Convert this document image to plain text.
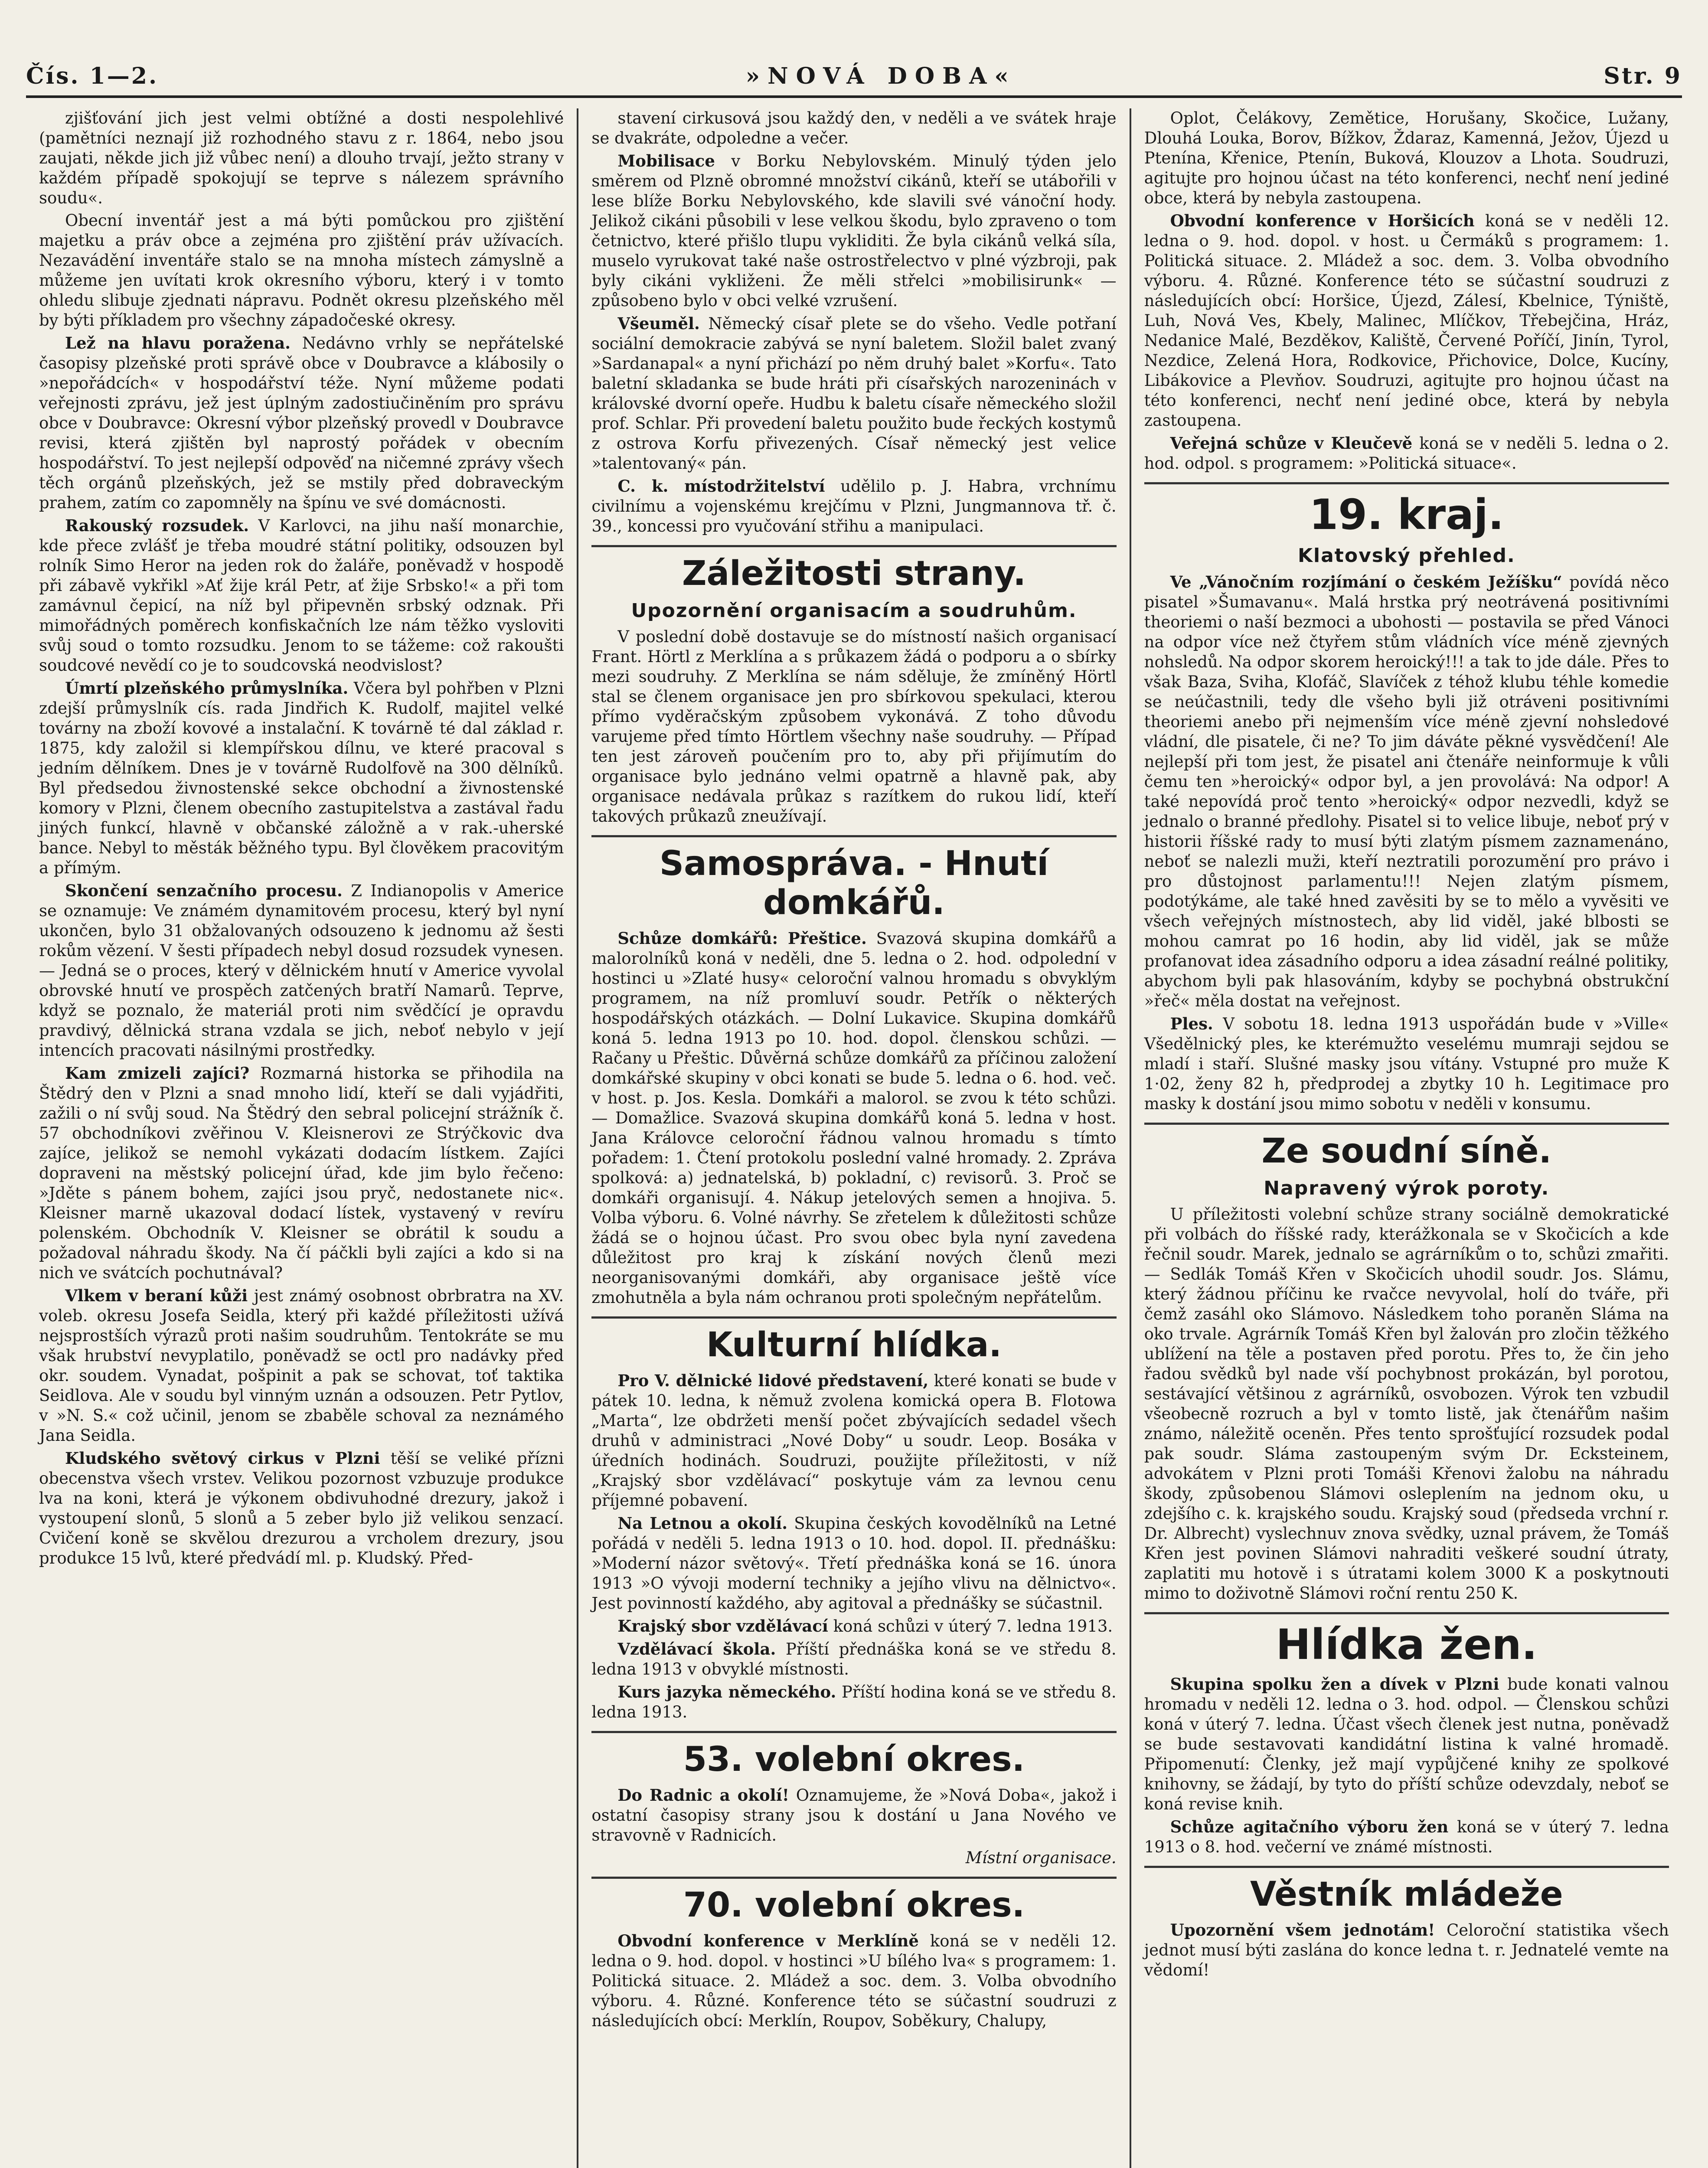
Čís. 1—2.	»NOVÁ DOBA«	Str. 9

zjišťování jich jest velmi obtížné a dosti nespolehlivé (pamětníci neznají již rozhodného stavu z r. 1864, nebo jsou zaujati, někde jich již vůbec není) a dlouho trvají, ježto strany v každém případě spokojují se teprve s nálezem správního soudu«.

Obecní inventář jest a má býti pomůckou pro zjištění majetku a práv obce a zejména pro zjištění práv užívacích. Nezavádění inventáře stalo se na mnoha místech zámyslně a můžeme jen uvítati krok okresního výboru, který i v tomto ohledu slibuje zjednati nápravu. Podnět okresu plzeňského měl by býti příkladem pro všechny západočeské okresy.

Lež na hlavu poražena. Nedávno vrhly se nepřátelské časopisy plzeňské proti správě obce v Doubravce a klábosily o »nepořádcích« v hospodářství téže. Nyní můžeme podati veřejnosti zprávu, jež jest úplným zadostiučiněním pro správu obce v Doubravce: Okresní výbor plzeňský provedl v Doubravce revisi, která zjištěn byl naprostý pořádek v obecním hospodářství. To jest nejlepší odpověď na ničemné zprávy všech těch orgánů plzeňských, jež se mstily před dobraveckým prahem, zatím co zapomněly na špínu ve své domácnosti.

Rakouský rozsudek. V Karlovci, na jihu naší monarchie, kde přece zvlášť je třeba moudré státní politiky, odsouzen byl rolník Simo Heror na jeden rok do žaláře, poněvadž v hospodě při zábavě vykřikl »Ať žije král Petr, ať žije Srbsko!« a při tom zamávnul čepicí, na níž byl připevněn srbský odznak. Při mimořádných poměrech konfiskačních lze nám těžko vysloviti svůj soud o tomto rozsudku. Jenom to se tážeme: což rakoušti soudcové nevědí co je to soudcovská neodvislost?

Úmrtí plzeňského průmyslníka. Včera byl pohřben v Plzni zdejší průmyslník cís. rada Jindřich K. Rudolf, majitel velké továrny na zboží kovové a instalační. K továrně té dal základ r. 1875, kdy založil si klempířskou dílnu, ve které pracoval s jedním dělníkem. Dnes je v továrně Rudolfově na 300 dělníků. Byl předsedou živnostenské sekce obchodní a živnostenské komory v Plzni, členem obecního zastupitelstva a zastával řadu jiných funkcí, hlavně v občanské záložně a v rak.-uherské bance. Nebyl to městák běžného typu. Byl člověkem pracovitým a přímým.

Skončení senzačního procesu. Z Indianopolis v Americe se oznamuje: Ve známém dynamitovém procesu, který byl nyní ukončen, bylo 31 obžalovaných odsouzeno k jednomu až šesti rokům vězení. V šesti případech nebyl dosud rozsudek vynesen. — Jedná se o proces, který v dělnickém hnutí v Americe vyvolal obrovské hnutí ve prospěch zatčených bratří Namarů. Teprve, když se poznalo, že materiál proti nim svědčící je opravdu pravdivý, dělnická strana vzdala se jich, neboť nebylo v její intencích pracovati násilnými prostředky.

Kam zmizeli zajíci? Rozmarná historka se přihodila na Štědrý den v Plzni a snad mnoho lidí, kteří se dali vyjádřiti, zažili o ní svůj soud. Na Štědrý den sebral policejní strážník č. 57 obchodníkovi zvěřinou V. Kleisnerovi ze Strýčkovic dva zajíce, jelikož se nemohl vykázati dodacím lístkem. Zajíci dopraveni na městský policejní úřad, kde jim bylo řečeno: »Jděte s pánem bohem, zajíci jsou pryč, nedostanete nic«. Kleisner marně ukazoval dodací lístek, vystavený v revíru polenském. Obchodník V. Kleisner se obrátil k soudu a požadoval náhradu škody. Na čí páčkli byli zajíci a kdo si na nich ve svátcích pochutnával?

Vlkem v beraní kůži jest známý osobnost obrbratra na XV. voleb. okresu Josefa Seidla, který při každé příležitosti užívá nejsprostších výrazů proti našim soudruhům. Tentokráte se mu však hrubství nevyplatilo, poněvadž se octl pro nadávky před okr. soudem. Vynadat, pošpinit a pak se schovat, toť taktika Seidlova. Ale v soudu byl vinným uznán a odsouzen. Petr Pytlov, v »N. S.« což učinil, jenom se zbaběle schoval za neznámého Jana Seidla.

Kludského světový cirkus v Plzni těší se veliké přízni obecenstva všech vrstev. Velikou pozornost vzbuzuje produkce lva na koni, která je výkonem obdivuhodné drezury, jakož i vystoupení slonů, 5 slonů a 5 zeber bylo již velikou senzací. Cvičení koně se skvělou drezurou a vrcholem drezury, jsou produkce 15 lvů, které předvádí ml. p. Kludský. Před-

stavení cirkusová jsou každý den, v neděli a ve svátek hraje se dvakráte, odpoledne a večer.

Mobilisace v Borku Nebylovském. Minulý týden jelo směrem od Plzně obromné množství cikánů, kteří se utábořili v lese blíže Borku Nebylovského, kde slavili své vánoční hody. Jelikož cikáni působili v lese velkou škodu, bylo zpraveno o tom četnictvo, které přišlo tlupu vykliditi. Že byla cikánů velká síla, muselo vyrukovat také naše ostrostřelectvo v plné výzbroji, pak byly cikáni vykliženi. Že měli střelci »mobilisirunk« — způsobeno bylo v obci velké vzrušení.

Všeuměl. Německý císař plete se do všeho. Vedle potřaní sociální demokracie zabývá se nyní baletem. Složil balet zvaný »Sardanapal« a nyní přichází po něm druhý balet »Korfu«. Tato baletní skladanka se bude hráti při císařských narozeninách v královské dvorní opeře. Hudbu k baletu císaře německého složil prof. Schlar. Při provedení baletu použito bude řeckých kostymů z ostrova Korfu přivezených. Císař německý jest velice »talentovaný« pán.

C. k. místodržitelství udělilo p. J. Habra, vrchnímu civilnímu a vojenskému krejčímu v Plzni, Jungmannova tř. č. 39., koncessi pro vyučování střihu a manipulaci.

Záležitosti strany.
Upozornění organisacím a soudruhům.

V poslední době dostavuje se do místností našich organisací Frant. Hörtl z Merklína a s průkazem žádá o podporu a o sbírky mezi soudruhy. Z Merklína se nám sděluje, že zmíněný Hörtl stal se členem organisace jen pro sbírkovou spekulaci, kterou přímo vyděračským způsobem vykonává. Z toho důvodu varujeme před tímto Hörtlem všechny naše soudruhy. — Případ ten jest zároveň poučením pro to, aby při přijímutím do organisace bylo jednáno velmi opatrně a hlavně pak, aby organisace nedávala průkaz s razítkem do rukou lidí, kteří takových průkazů zneužívají.

Samospráva. - Hnutí domkářů.

Schůze domkářů: Přeštice. Svazová skupina domkářů a malorolníků koná v neděli, dne 5. ledna o 2. hod. odpolední v hostinci u »Zlaté husy« celoroční valnou hromadu s obvyklým programem, na níž promluví soudr. Petřík o některých hospodářských otázkách. — Dolní Lukavice. Skupina domkářů koná 5. ledna 1913 po 10. hod. dopol. členskou schůzi. — Račany u Přeštic. Důvěrná schůze domkářů za příčinou založení domkářské skupiny v obci konati se bude 5. ledna o 6. hod. več. v host. p. Jos. Kesla. Domkáři a malorol. se zvou k této schůzi. — Domažlice. Svazová skupina domkářů koná 5. ledna v host. Jana Královce celoroční řádnou valnou hromadu s tímto pořadem: 1. Čtení protokolu poslední valné hromady. 2. Zpráva spolková: a) jednatelská, b) pokladní, c) revisorů. 3. Proč se domkáři organisují. 4. Nákup jetelových semen a hnojiva. 5. Volba výboru. 6. Volné návrhy. Se zřetelem k důležitosti schůze žádá se o hojnou účast. Pro svou obec byla nyní zavedena důležitost pro kraj k získání nových členů mezi neorganisovanými domkáři, aby organisace ještě více zmohutněla a byla nám ochranou proti společným nepřátelům.

Kulturní hlídka.

Pro V. dělnické lidové představení, které konati se bude v pátek 10. ledna, k němuž zvolena komická opera B. Flotowa „Marta“, lze obdržeti menší počet zbývajících sedadel všech druhů v administraci „Nové Doby“ u soudr. Leop. Bosáka v úředních hodinách. Soudruzi, použijte příležitosti, v níž „Krajský sbor vzdělávací“ poskytuje vám za levnou cenu příjemné pobavení.

Na Letnou a okolí. Skupina českých kovodělníků na Letné pořádá v neděli 5. ledna 1913 o 10. hod. dopol. II. přednášku: »Moderní názor světový«. Třetí přednáška koná se 16. února 1913 »O vývoji moderní techniky a jejího vlivu na dělnictvo«. Jest povinností každého, aby agitoval a přednášky se súčastnil.

Krajský sbor vzdělávací koná schůzi v úterý 7. ledna 1913.

Vzdělávací škola. Příští přednáška koná se ve středu 8. ledna 1913 v obvyklé místnosti.

Kurs jazyka německého. Příští hodina koná se ve středu 8. ledna 1913.

53. volební okres.

Do Radnic a okolí! Oznamujeme, že »Nová Doba«, jakož i ostatní časopisy strany jsou k dostání u Jana Nového ve stravovně v Radnicích.

Místní organisace.

70. volební okres.

Obvodní konference v Merklíně koná se v neděli 12. ledna o 9. hod. dopol. v hostinci »U bílého lva« s programem: 1. Politická situace. 2. Mládež a soc. dem. 3. Volba obvodního výboru. 4. Různé. Konference této se súčastní soudruzi z následujících obcí: Merklín, Roupov, Soběkury, Chalupy,

Oplot, Čelákovy, Zemětice, Horušany, Skočice, Lužany, Dlouhá Louka, Borov, Bížkov, Ždaraz, Kamenná, Ježov, Újezd u Ptenína, Křenice, Ptenín, Buková, Klouzov a Lhota. Soudruzi, agitujte pro hojnou účast na této konferenci, nechť není jediné obce, která by nebyla zastoupena.

Obvodní konference v Horšicích koná se v neděli 12. ledna o 9. hod. dopol. v host. u Čermáků s programem: 1. Politická situace. 2. Mládež a soc. dem. 3. Volba obvodního výboru. 4. Různé. Konference této se súčastní soudruzi z následujících obcí: Horšice, Újezd, Zálesí, Kbelnice, Týniště, Luh, Nová Ves, Kbely, Malinec, Mlíčkov, Třebejčina, Hráz, Nedanice Malé, Bezděkov, Kaliště, Červené Poříčí, Jinín, Tyrol, Nezdice, Zelená Hora, Rodkovice, Přichovice, Dolce, Kucíny, Libákovice a Plevňov. Soudruzi, agitujte pro hojnou účast na této konferenci, nechť není jediné obce, která by nebyla zastoupena.

Veřejná schůze v Kleučevě koná se v neděli 5. ledna o 2. hod. odpol. s programem: »Politická situace«.

19. kraj.
Klatovský přehled.

Ve „Vánočním rozjímání o českém Ježíšku“ povídá něco pisatel »Šumavanu«. Malá hrstka prý neotrávená positivními theoriemi o naší bezmoci a ubohosti — postavila se před Vánoci na odpor více než čtyřem stům vládních více méně zjevných nohsledů. Na odpor skorem heroický!!! a tak to jde dále. Přes to však Baza, Sviha, Klofáč, Slavíček z téhož klubu téhle komedie se neúčastnili, tedy dle všeho byli již otráveni positivními theoriemi anebo při nejmenším více méně zjevní nohsledové vládní, dle pisatele, či ne? To jim dáváte pěkné vysvědčení! Ale nejlepší při tom jest, že pisatel ani čtenáře neinformuje k vůli čemu ten »heroický« odpor byl, a jen provolává: Na odpor! A také nepovídá proč tento »heroický« odpor nezvedli, když se jednalo o branné předlohy. Pisatel si to velice libuje, neboť prý v historii říšské rady to musí býti zlatým písmem zaznamenáno, neboť se nalezli muži, kteří neztratili porozumění pro právo i pro důstojnost parlamentu!!! Nejen zlatým písmem, podotýkáme, ale také hned zavěsiti by se to mělo a vyvěsiti ve všech veřejných místnostech, aby lid viděl, jaké blbosti se mohou camrat po 16 hodin, aby lid viděl, jak se může profanovat idea zásadního odporu a idea zásadní reálné politiky, abychom byli pak hlasováním, kdyby se pochybná obstrukční »řeč« měla dostat na veřejnost.

Ples. V sobotu 18. ledna 1913 uspořádán bude v »Ville« Všedělnický ples, ke kterémužto veselému mumraji sejdou se mladí i staří. Slušné masky jsou vítány. Vstupné pro muže K 1·02, ženy 82 h, předprodej a zbytky 10 h. Legitimace pro masky k dostání jsou mimo sobotu v neděli v konsumu.

Ze soudní síně.
Napravený výrok poroty.

U příležitosti volební schůze strany sociálně demokratické při volbách do říšské rady, kterážkonala se v Skočicích a kde řečnil soudr. Marek, jednalo se agrárníkům o to, schůzi zmařiti. — Sedlák Tomáš Křen v Skočicích uhodil soudr. Jos. Slámu, který žádnou příčinu ke rvačce nevyvolal, holí do tváře, při čemž zasáhl oko Slámovo. Následkem toho poraněn Sláma na oko trvale. Agrárník Tomáš Křen byl žalován pro zločin těžkého ublížení na těle a postaven před porotu. Přes to, že čin jeho řadou svědků byl nade vší pochybnost prokázán, byl porotou, sestávající většinou z agrárníků, osvobozen. Výrok ten vzbudil všeobecně rozruch a byl v tomto listě, jak čtenářům našim známo, náležitě oceněn. Přes tento sprošťující rozsudek podal pak soudr. Sláma zastoupeným svým Dr. Ecksteinem, advokátem v Plzni proti Tomáši Křenovi žalobu na náhradu škody, způsobenou Slámovi osleplením na jednom oku, u zdejšího c. k. krajského soudu. Krajský soud (předseda vrchní r. Dr. Albrecht) vyslechnuv znova svědky, uznal právem, že Tomáš Křen jest povinen Slámovi nahraditi veškeré soudní útraty, zaplatiti mu hotově i s útratami kolem 3000 K a poskytnouti mimo to doživotně Slámovi roční rentu 250 K.

Hlídka žen.

Skupina spolku žen a dívek v Plzni bude konati valnou hromadu v neděli 12. ledna o 3. hod. odpol. — Členskou schůzi koná v úterý 7. ledna. Účast všech členek jest nutna, poněvadž se bude sestavovati kandidátní listina k valné hromadě. Připomenutí: Členky, jež mají vypůjčené knihy ze spolkové knihovny, se žádají, by tyto do příští schůze odevzdaly, neboť se koná revise knih.

Schůze agitačního výboru žen koná se v úterý 7. ledna 1913 o 8. hod. večerní ve známé místnosti.

Věstník mládeže

Upozornění všem jednotám! Celoroční statistika všech jednot musí býti zaslána do konce ledna t. r. Jednatelé vemte na vědomí!
